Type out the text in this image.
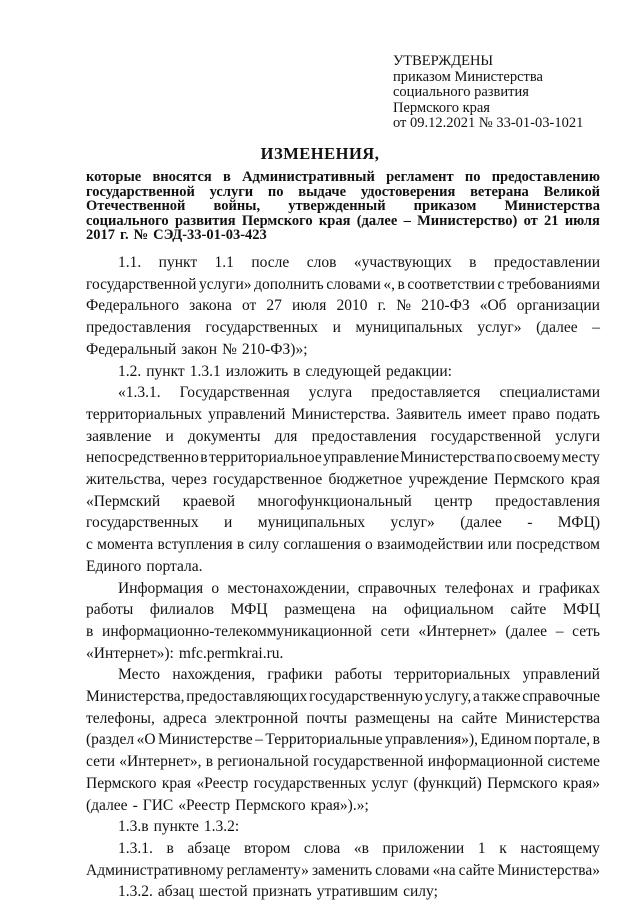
УТВЕРЖДЕНЫ
приказом Министерства
социального развития
Пермского края
от 09.12.2021 № 33-01-03-1021
ИЗМЕНЕНИЯ,
которые вносятся в Административный регламент по предоставлению
государственной услуги по выдаче удостоверения ветерана Великой
Отечественной войны, утвержденный приказом Министерства
социального развития Пермского края (далее – Министерство) от 21 июля
2017 г. № СЭД-33-01-03-423
1.1. пункт 1.1 после слов «участвующих в предоставлении
государственной услуги» дополнить словами «, в соответствии с требованиями
Федерального закона от 27 июля 2010 г. № 210-ФЗ «Об организации
предоставления государственных и муниципальных услуг» (далее –
Федеральный закон № 210-ФЗ)»;
1.2. пункт 1.3.1 изложить в следующей редакции:
«1.3.1. Государственная услуга предоставляется специалистами
территориальных управлений Министерства. Заявитель имеет право подать
заявление и документы для предоставления государственной услуги
непосредственно в территориальное управление Министерства по своему месту
жительства, через государственное бюджетное учреждение Пермского края
«Пермский краевой многофункциональный центр предоставления
государственных и муниципальных услуг» (далее - МФЦ)
с момента вступления в силу соглашения о взаимодействии или посредством
Единого портала.
Информация о местонахождении, справочных телефонах и графиках
работы филиалов МФЦ размещена на официальном сайте МФЦ
в информационно-телекоммуникационной сети «Интернет» (далее – сеть
«Интернет»): mfc.permkrai.ru.
Место нахождения, графики работы территориальных управлений
Министерства, предоставляющих государственную услугу, а также справочные
телефоны, адреса электронной почты размещены на сайте Министерства
(раздел «О Министерстве – Территориальные управления»), Едином портале, в
сети «Интернет», в региональной государственной информационной системе
Пермского края «Реестр государственных услуг (функций) Пермского края»
(далее - ГИС «Реестр Пермского края»).»;
1.3.в пункте 1.3.2:
1.3.1. в абзаце втором слова «в приложении 1 к настоящему
Административному регламенту» заменить словами «на сайте Министерства»
1.3.2. абзац шестой признать утратившим силу;
